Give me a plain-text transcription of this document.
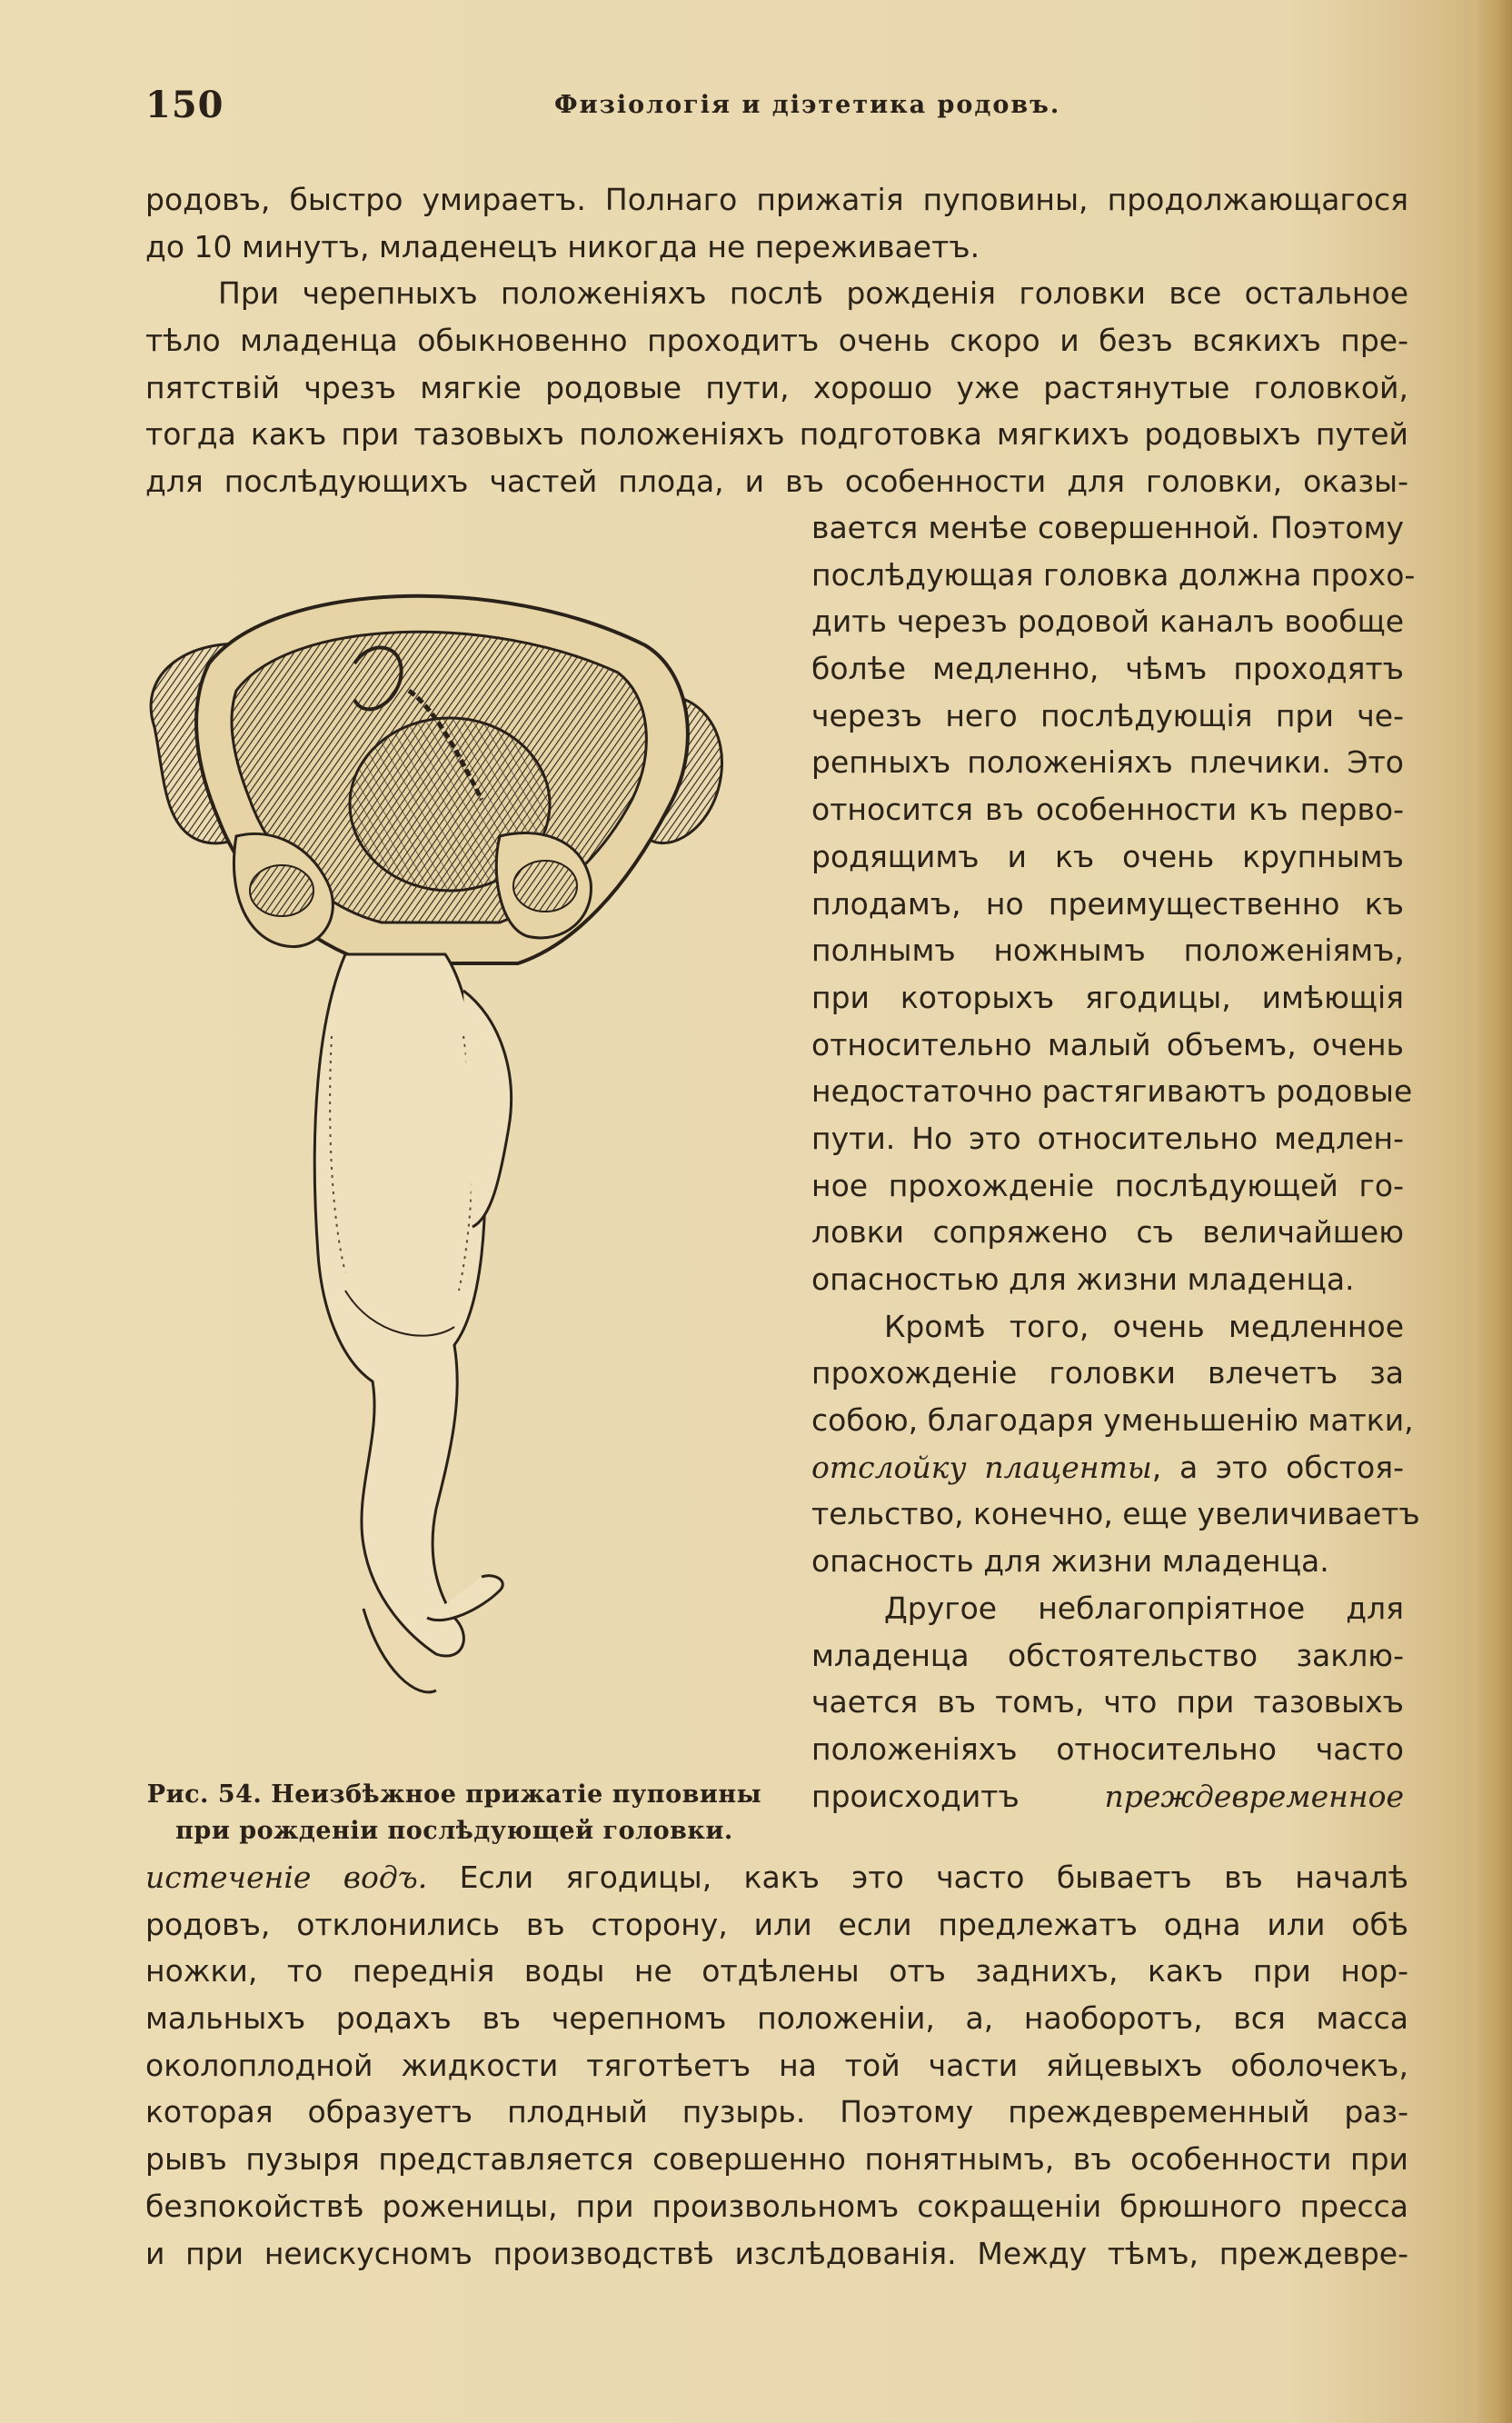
150	Физіологія и діэтетика родовъ.
родовъ, быстро умираетъ. Полнаго прижатія пуповины, продолжающагося
до 10 минутъ, младенецъ никогда не переживаетъ.
При черепныхъ положеніяхъ послѣ рожденія головки все остальное
тѣло младенца обыкновенно проходитъ очень скоро и безъ всякихъ пре-
пятствій чрезъ мягкіе родовые пути, хорошо уже растянутые головкой,
тогда какъ при тазовыхъ положеніяхъ подготовка мягкихъ родовыхъ путей
для послѣдующихъ частей плода, и въ особенности для головки, оказы-
вается менѣе совершенной. Поэтому
послѣдующая головка должна прохо-
дить черезъ родовой каналъ вообще
болѣе медленно, чѣмъ проходятъ
черезъ него послѣдующія при че-
репныхъ положеніяхъ плечики. Это
относится въ особенности къ перво-
родящимъ и къ очень крупнымъ
плодамъ, но преимущественно къ
полнымъ ножнымъ положеніямъ,
при которыхъ ягодицы, имѣющія
относительно малый объемъ, очень
недостаточно растягиваютъ родовые
пути. Но это относительно медлен-
ное прохожденіе послѣдующей го-
ловки сопряжено съ величайшею
опасностью для жизни младенца.
Кромѣ того, очень медленное
прохожденіе головки влечетъ за
собою, благодаря уменьшенію матки,
отслойку плаценты, а это обстоя-
тельство, конечно, еще увеличиваетъ
опасность для жизни младенца.
Другое неблагопріятное для
младенца обстоятельство заклю-
чается въ томъ, что при тазовыхъ
положеніяхъ относительно часто
происходитъ преждевременное
Рис. 54. Неизбѣжное прижатіе пуповины
при рожденіи послѣдующей головки.
истеченіе водъ. Если ягодицы, какъ это часто бываетъ въ началѣ
родовъ, отклонились въ сторону, или если предлежатъ одна или обѣ
ножки, то переднія воды не отдѣлены отъ заднихъ, какъ при нор-
мальныхъ родахъ въ черепномъ положеніи, а, наоборотъ, вся масса
околоплодной жидкости тяготѣетъ на той части яйцевыхъ оболочекъ,
которая образуетъ плодный пузырь. Поэтому преждевременный раз-
рывъ пузыря представляется совершенно понятнымъ, въ особенности при
безпокойствѣ роженицы, при произвольномъ сокращеніи брюшного пресса
и при неискусномъ производствѣ изслѣдованія. Между тѣмъ, преждевре-
